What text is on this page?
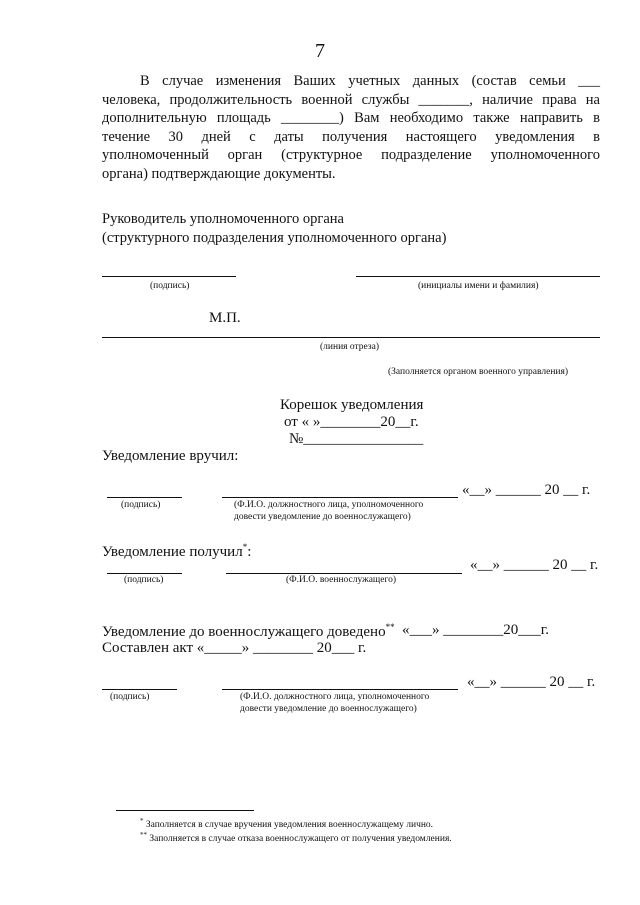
7
В случае изменения Ваших учетных данных (состав семьи ___
человека, продолжительность военной службы _______, наличие права на
дополнительную площадь ________) Вам необходимо также направить в
течение 30 дней с даты получения настоящего уведомления в
уполномоченный орган (структурное подразделение уполномоченного
органа) подтверждающие документы.
Руководитель уполномоченного органа
(структурного подразделения уполномоченного органа)
(подпись)	(инициалы имени и фамилия)
М.П.
(линия отреза)
(Заполняется органом военного управления)
Корешок уведомления
от « »________20__г.
№________________
Уведомление вручил:
«__» ______ 20 __ г.
(подпись)	(Ф.И.О. должностного лица, уполномоченного
довести уведомление до военнослужащего)
Уведомление получил*:
«__» ______ 20 __ г.
(подпись)	(Ф.И.О. военнослужащего)
Уведомление до военнослужащего доведено** «___» ________20___г.
Составлен акт «_____» ________ 20___ г.
«__» ______ 20 __ г.
(подпись)	(Ф.И.О. должностного лица, уполномоченного
довести уведомление до военнослужащего)
* Заполняется в случае вручения уведомления военнослужащему лично.
** Заполняется в случае отказа военнослужащего от получения уведомления.
